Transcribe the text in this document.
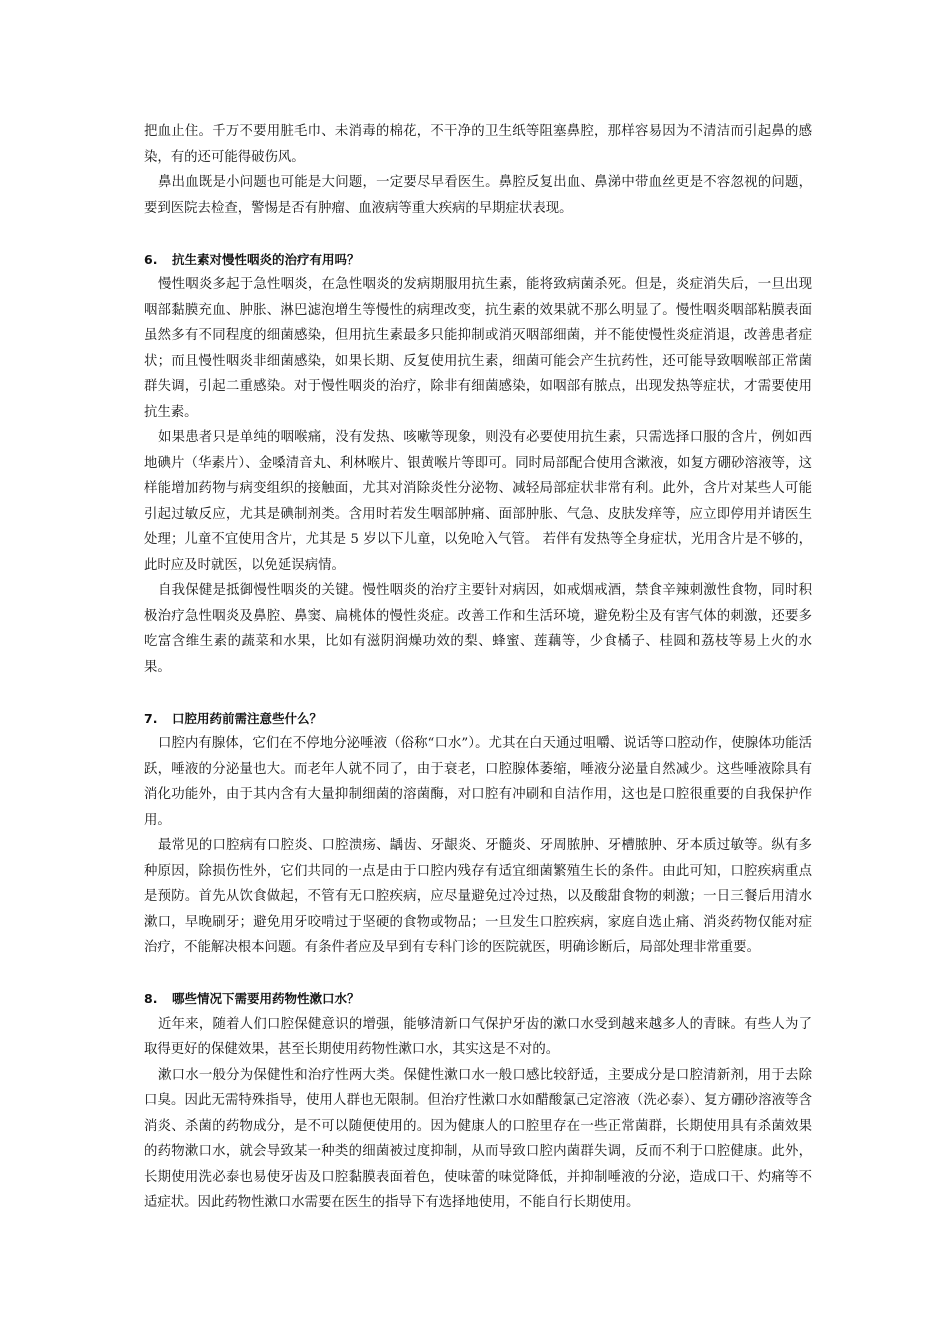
把血止住。千万不要用脏毛巾、未消毒的棉花，不干净的卫生纸等阻塞鼻腔，那样容易因为不清洁而引起鼻的感染，有的还可能得破伤风。

鼻出血既是小问题也可能是大问题，一定要尽早看医生。鼻腔反复出血、鼻涕中带血丝更是不容忽视的问题，要到医院去检查，警惕是否有肿瘤、血液病等重大疾病的早期症状表现。

6. 抗生素对慢性咽炎的治疗有用吗？

慢性咽炎多起于急性咽炎，在急性咽炎的发病期服用抗生素，能将致病菌杀死。但是，炎症消失后，一旦出现咽部黏膜充血、肿胀、淋巴滤泡增生等慢性的病理改变，抗生素的效果就不那么明显了。慢性咽炎咽部粘膜表面虽然多有不同程度的细菌感染，但用抗生素最多只能抑制或消灭咽部细菌，并不能使慢性炎症消退，改善患者症状；而且慢性咽炎非细菌感染，如果长期、反复使用抗生素，细菌可能会产生抗药性，还可能导致咽喉部正常菌群失调，引起二重感染。对于慢性咽炎的治疗，除非有细菌感染，如咽部有脓点，出现发热等症状，才需要使用抗生素。

如果患者只是单纯的咽喉痛，没有发热、咳嗽等现象，则没有必要使用抗生素，只需选择口服的含片，例如西地碘片（华素片）、金嗓清音丸、利林喉片、银黄喉片等即可。同时局部配合使用含漱液，如复方硼砂溶液等，这样能增加药物与病变组织的接触面，尤其对消除炎性分泌物、减轻局部症状非常有利。此外，含片对某些人可能引起过敏反应，尤其是碘制剂类。含用时若发生咽部肿痛、面部肿胀、气急、皮肤发痒等，应立即停用并请医生处理；儿童不宜使用含片，尤其是 5 岁以下儿童，以免呛入气管。 若伴有发热等全身症状，光用含片是不够的，此时应及时就医，以免延误病情。

自我保健是抵御慢性咽炎的关键。慢性咽炎的治疗主要针对病因，如戒烟戒酒，禁食辛辣刺激性食物，同时积极治疗急性咽炎及鼻腔、鼻窦、扁桃体的慢性炎症。改善工作和生活环境，避免粉尘及有害气体的刺激，还要多吃富含维生素的蔬菜和水果，比如有滋阴润燥功效的梨、蜂蜜、莲藕等，少食橘子、桂圆和荔枝等易上火的水果。

7. 口腔用药前需注意些什么？

口腔内有腺体，它们在不停地分泌唾液（俗称“口水”）。尤其在白天通过咀嚼、说话等口腔动作，使腺体功能活跃，唾液的分泌量也大。而老年人就不同了，由于衰老，口腔腺体萎缩，唾液分泌量自然减少。这些唾液除具有消化功能外，由于其内含有大量抑制细菌的溶菌酶，对口腔有冲刷和自洁作用，这也是口腔很重要的自我保护作用。

最常见的口腔病有口腔炎、口腔溃疡、龋齿、牙龈炎、牙髓炎、牙周脓肿、牙槽脓肿、牙本质过敏等。纵有多种原因，除损伤性外，它们共同的一点是由于口腔内残存有适宜细菌繁殖生长的条件。由此可知，口腔疾病重点是预防。首先从饮食做起，不管有无口腔疾病，应尽量避免过冷过热，以及酸甜食物的刺激；一日三餐后用清水漱口，早晚刷牙；避免用牙咬啃过于坚硬的食物或物品；一旦发生口腔疾病，家庭自选止痛、消炎药物仅能对症治疗，不能解决根本问题。有条件者应及早到有专科门诊的医院就医，明确诊断后，局部处理非常重要。

8. 哪些情况下需要用药物性漱口水？

近年来，随着人们口腔保健意识的增强，能够清新口气保护牙齿的漱口水受到越来越多人的青睐。有些人为了取得更好的保健效果，甚至长期使用药物性漱口水，其实这是不对的。

漱口水一般分为保健性和治疗性两大类。保健性漱口水一般口感比较舒适，主要成分是口腔清新剂，用于去除口臭。因此无需特殊指导，使用人群也无限制。但治疗性漱口水如醋酸氯己定溶液（洗必泰）、复方硼砂溶液等含消炎、杀菌的药物成分，是不可以随便使用的。因为健康人的口腔里存在一些正常菌群，长期使用具有杀菌效果的药物漱口水，就会导致某一种类的细菌被过度抑制，从而导致口腔内菌群失调，反而不利于口腔健康。此外，长期使用洗必泰也易使牙齿及口腔黏膜表面着色，使味蕾的味觉降低，并抑制唾液的分泌，造成口干、灼痛等不适症状。因此药物性漱口水需要在医生的指导下有选择地使用，不能自行长期使用。
